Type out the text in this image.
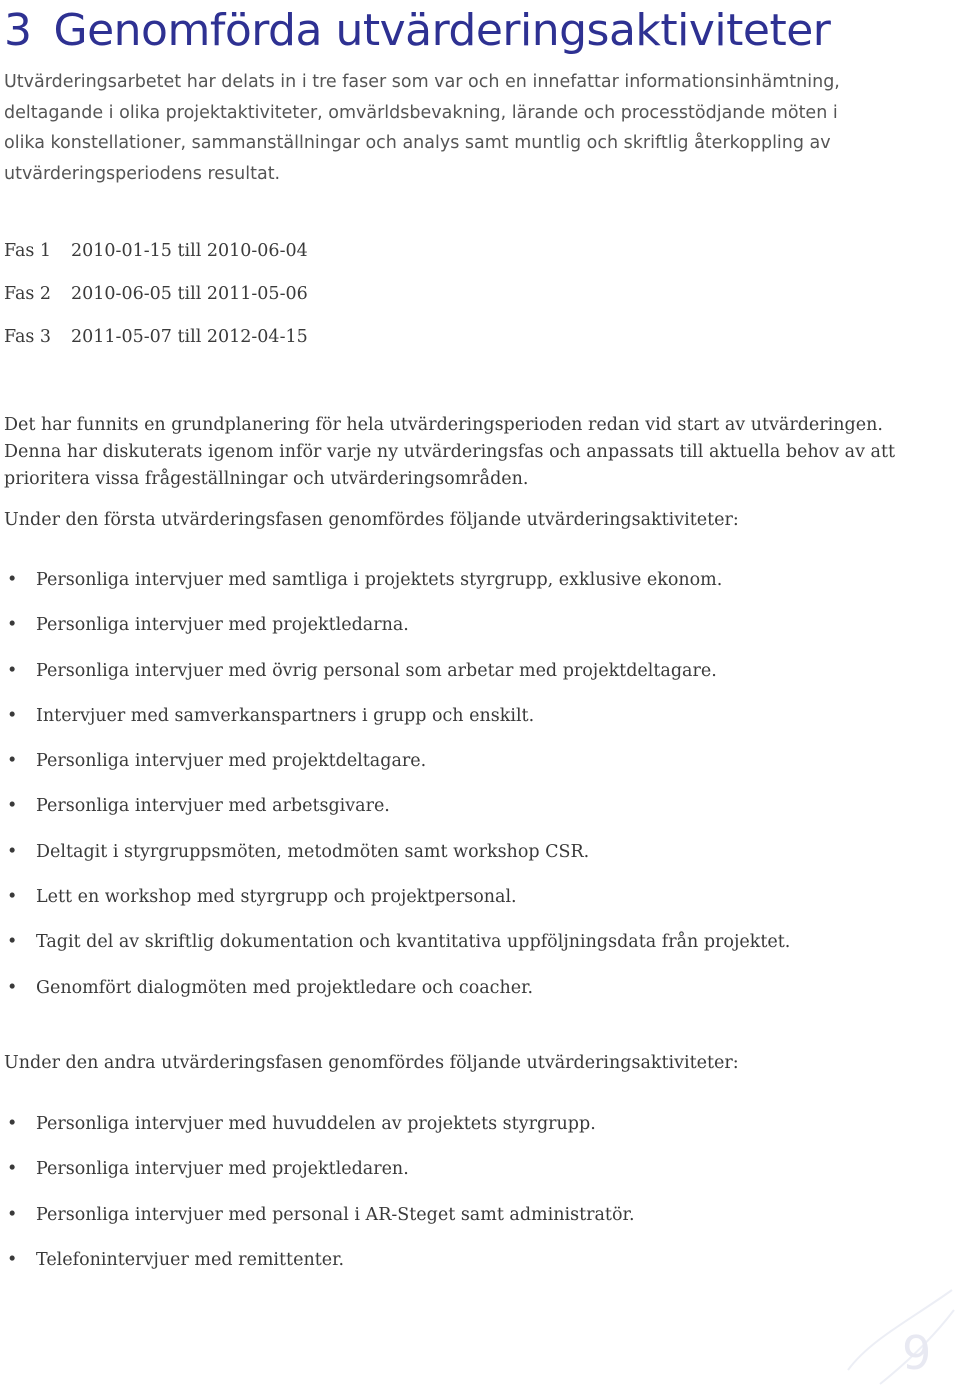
3 Genomförda utvärderingsaktiviteter

Utvärderingsarbetet har delats in i tre faser som var och en innefattar informationsinhämtning, deltagande i olika projektaktiviteter, omvärldsbevakning, lärande och processtödjande möten i olika konstellationer, sammanställningar och analys samt muntlig och skriftlig återkoppling av utvärderingsperiodens resultat.

Fas 1 2010-01-15 till 2010-06-04
Fas 2 2010-06-05 till 2011-05-06
Fas 3 2011-05-07 till 2012-04-15

Det har funnits en grundplanering för hela utvärderingsperioden redan vid start av utvärderingen. Denna har diskuterats igenom inför varje ny utvärderingsfas och anpassats till aktuella behov av att prioritera vissa frågeställningar och utvärderingsområden.

Under den första utvärderingsfasen genomfördes följande utvärderingsaktiviteter:

• Personliga intervjuer med samtliga i projektets styrgrupp, exklusive ekonom.
• Personliga intervjuer med projektledarna.
• Personliga intervjuer med övrig personal som arbetar med projektdeltagare.
• Intervjuer med samverkanspartners i grupp och enskilt.
• Personliga intervjuer med projektdeltagare.
• Personliga intervjuer med arbetsgivare.
• Deltagit i styrgruppsmöten, metodmöten samt workshop CSR.
• Lett en workshop med styrgrupp och projektpersonal.
• Tagit del av skriftlig dokumentation och kvantitativa uppföljningsdata från projektet.
• Genomfört dialogmöten med projektledare och coacher.

Under den andra utvärderingsfasen genomfördes följande utvärderingsaktiviteter:

• Personliga intervjuer med huvuddelen av projektets styrgrupp.
• Personliga intervjuer med projektledaren.
• Personliga intervjuer med personal i AR-Steget samt administratör.
• Telefonintervjuer med remittenter.
9
